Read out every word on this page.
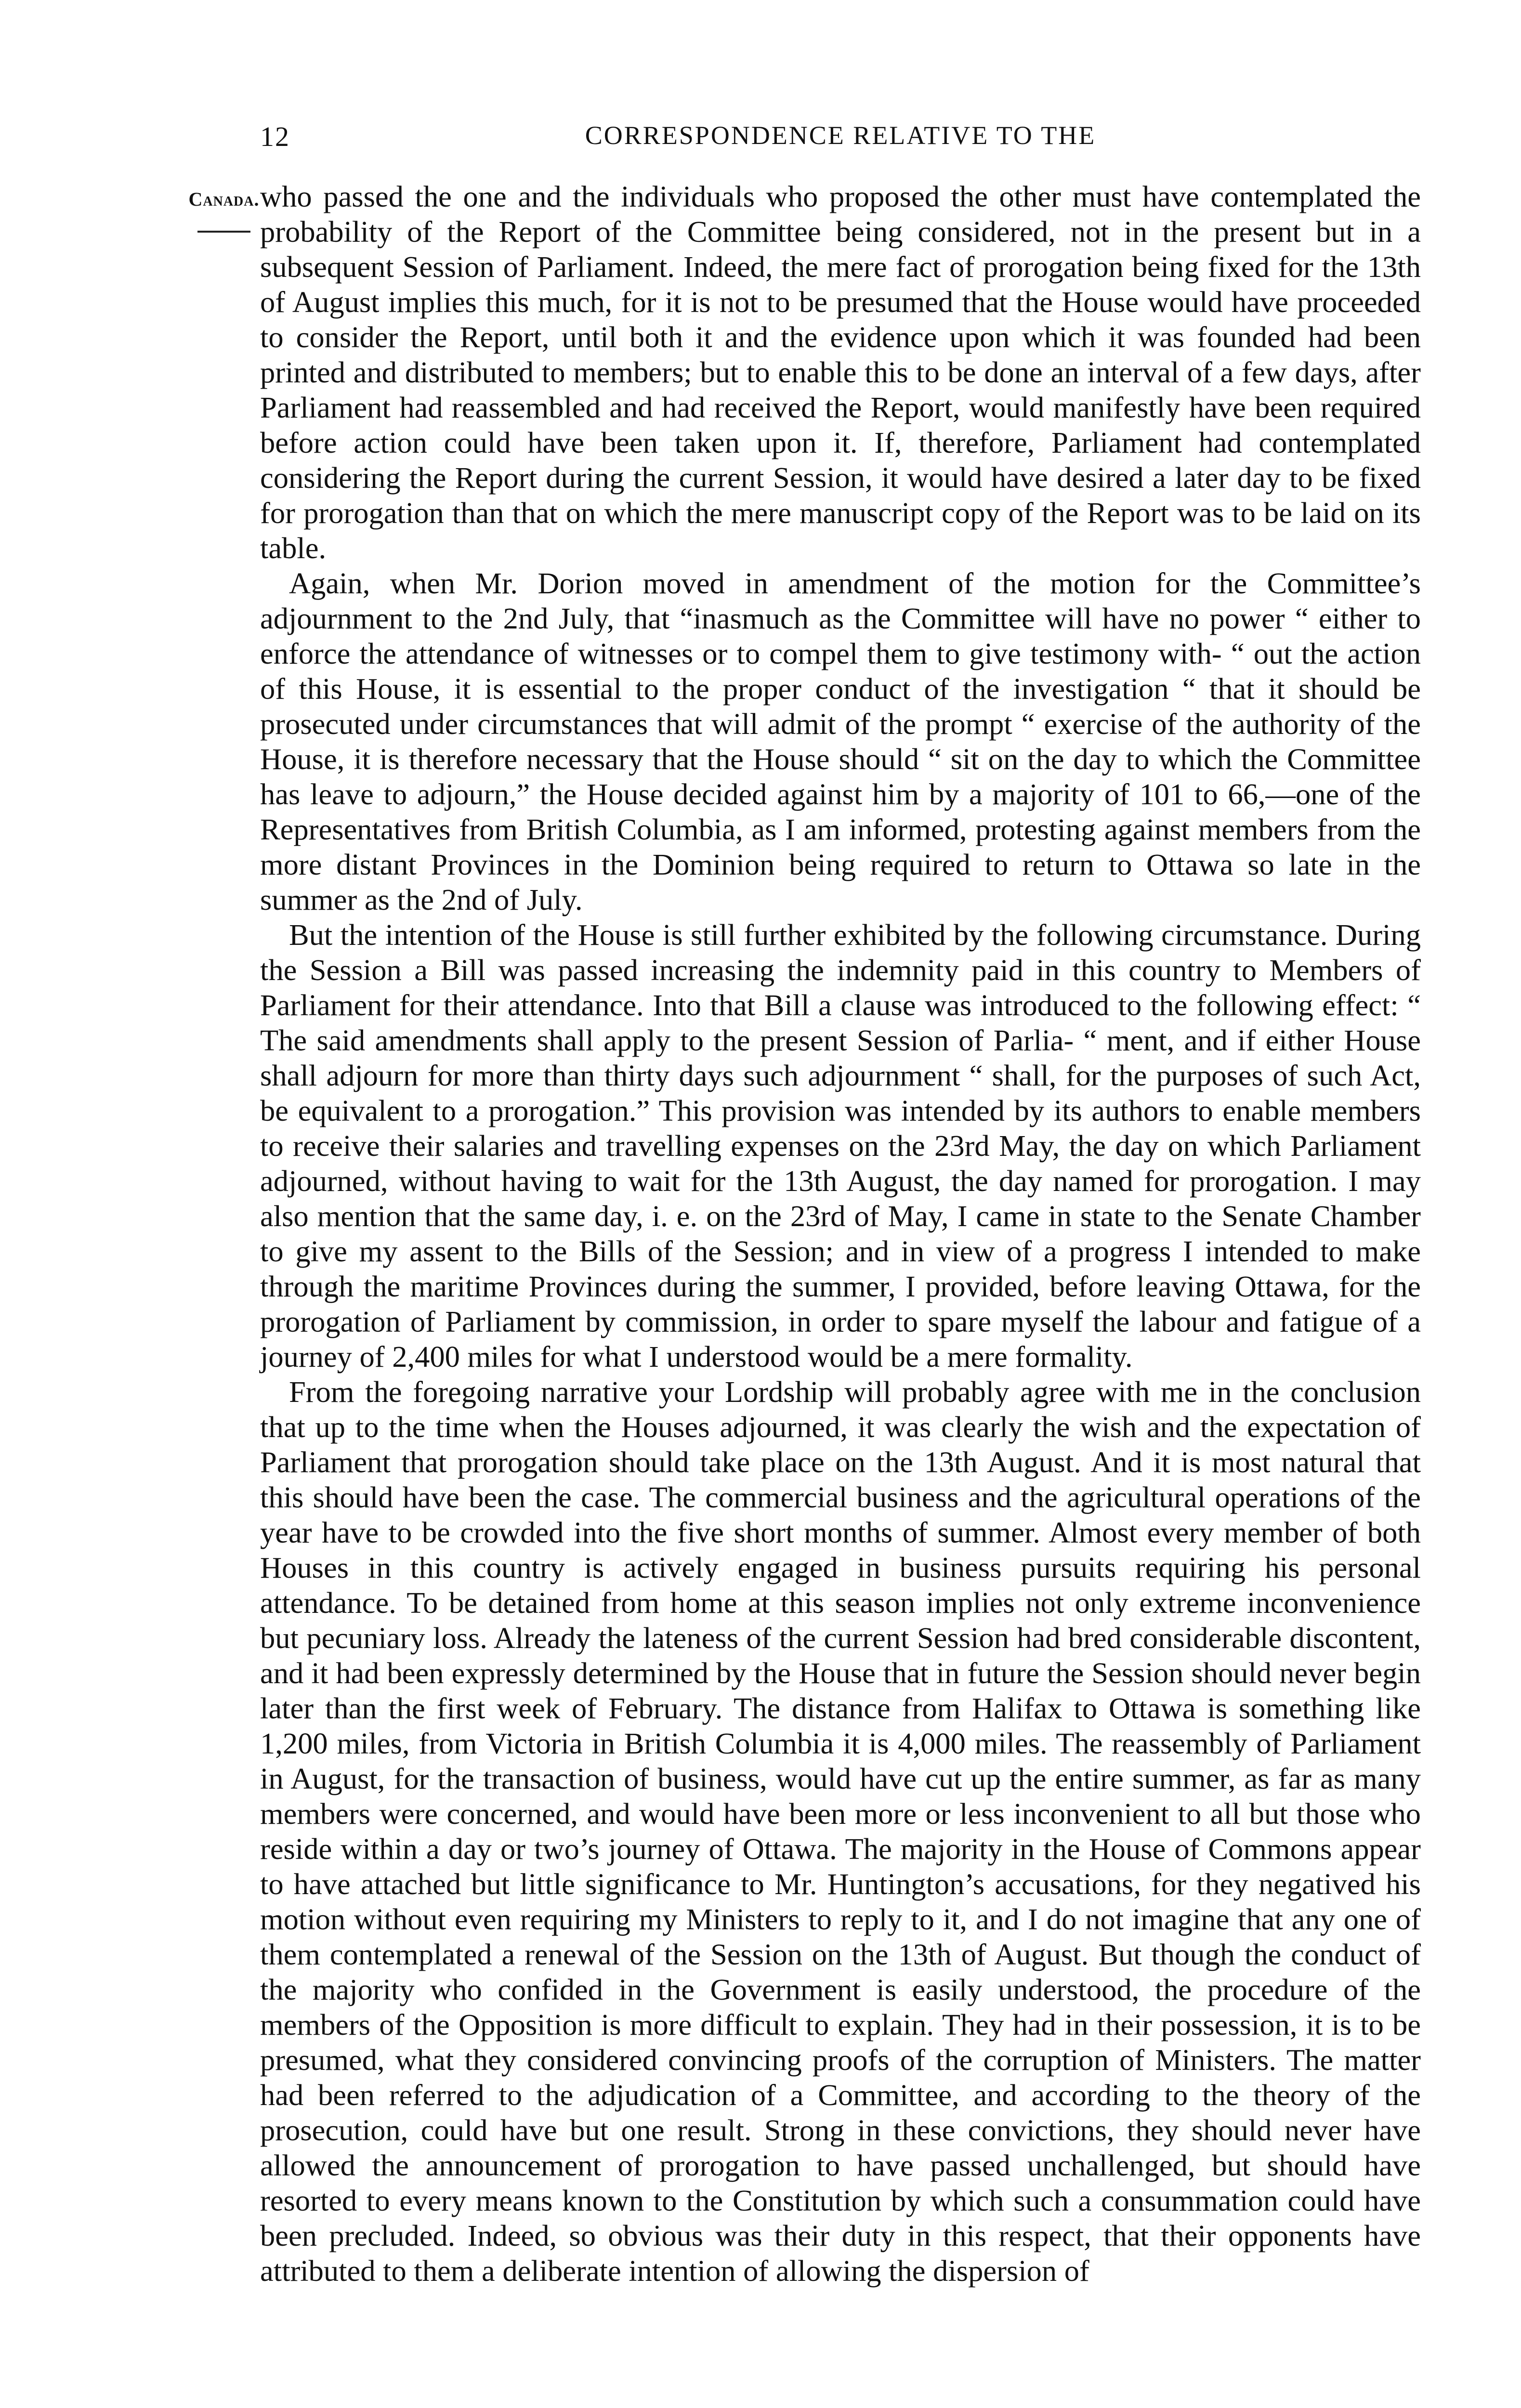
12	CORRESPONDENCE RELATIVE TO THE
Canada. who passed the one and the individuals who proposed the other must have contemplated the probability of the Report of the Committee being considered, not in the present but in a subsequent Session of Parliament. Indeed, the mere fact of prorogation being fixed for the 13th of August implies this much, for it is not to be presumed that the House would have proceeded to consider the Report, until both it and the evidence upon which it was founded had been printed and distributed to members; but to enable this to be done an interval of a few days, after Parliament had reassembled and had received the Report, would manifestly have been required before action could have been taken upon it. If, therefore, Parliament had contemplated considering the Report during the current Session, it would have desired a later day to be fixed for prorogation than that on which the mere manuscript copy of the Report was to be laid on its table.

Again, when Mr. Dorion moved in amendment of the motion for the Committee’s adjournment to the 2nd July, that “inasmuch as the Committee will have no power “ either to enforce the attendance of witnesses or to compel them to give testimony with- “ out the action of this House, it is essential to the proper conduct of the investigation “ that it should be prosecuted under circumstances that will admit of the prompt “ exercise of the authority of the House, it is therefore necessary that the House should “ sit on the day to which the Committee has leave to adjourn,” the House decided against him by a majority of 101 to 66,—one of the Representatives from British Columbia, as I am informed, protesting against members from the more distant Provinces in the Dominion being required to return to Ottawa so late in the summer as the 2nd of July.

But the intention of the House is still further exhibited by the following circumstance. During the Session a Bill was passed increasing the indemnity paid in this country to Members of Parliament for their attendance. Into that Bill a clause was introduced to the following effect: “ The said amendments shall apply to the present Session of Parlia- “ ment, and if either House shall adjourn for more than thirty days such adjournment “ shall, for the purposes of such Act, be equivalent to a prorogation.” This provision was intended by its authors to enable members to receive their salaries and travelling expenses on the 23rd May, the day on which Parliament adjourned, without having to wait for the 13th August, the day named for prorogation. I may also mention that the same day, i. e. on the 23rd of May, I came in state to the Senate Chamber to give my assent to the Bills of the Session; and in view of a progress I intended to make through the maritime Provinces during the summer, I provided, before leaving Ottawa, for the prorogation of Parliament by commission, in order to spare myself the labour and fatigue of a journey of 2,400 miles for what I understood would be a mere formality.

From the foregoing narrative your Lordship will probably agree with me in the conclusion that up to the time when the Houses adjourned, it was clearly the wish and the expectation of Parliament that prorogation should take place on the 13th August. And it is most natural that this should have been the case. The commercial business and the agricultural operations of the year have to be crowded into the five short months of summer. Almost every member of both Houses in this country is actively engaged in business pursuits requiring his personal attendance. To be detained from home at this season implies not only extreme inconvenience but pecuniary loss. Already the lateness of the current Session had bred considerable discontent, and it had been expressly determined by the House that in future the Session should never begin later than the first week of February. The distance from Halifax to Ottawa is something like 1,200 miles, from Victoria in British Columbia it is 4,000 miles. The reassembly of Parliament in August, for the transaction of business, would have cut up the entire summer, as far as many members were concerned, and would have been more or less inconvenient to all but those who reside within a day or two’s journey of Ottawa. The majority in the House of Commons appear to have attached but little significance to Mr. Huntington’s accusations, for they negatived his motion without even requiring my Ministers to reply to it, and I do not imagine that any one of them contemplated a renewal of the Session on the 13th of August. But though the conduct of the majority who confided in the Government is easily understood, the procedure of the members of the Opposition is more difficult to explain. They had in their possession, it is to be presumed, what they considered convincing proofs of the corruption of Ministers. The matter had been referred to the adjudication of a Committee, and according to the theory of the prosecution, could have but one result. Strong in these convictions, they should never have allowed the announcement of prorogation to have passed unchallenged, but should have resorted to every means known to the Constitution by which such a consummation could have been precluded. Indeed, so obvious was their duty in this respect, that their opponents have attributed to them a deliberate intention of allowing the dispersion of
